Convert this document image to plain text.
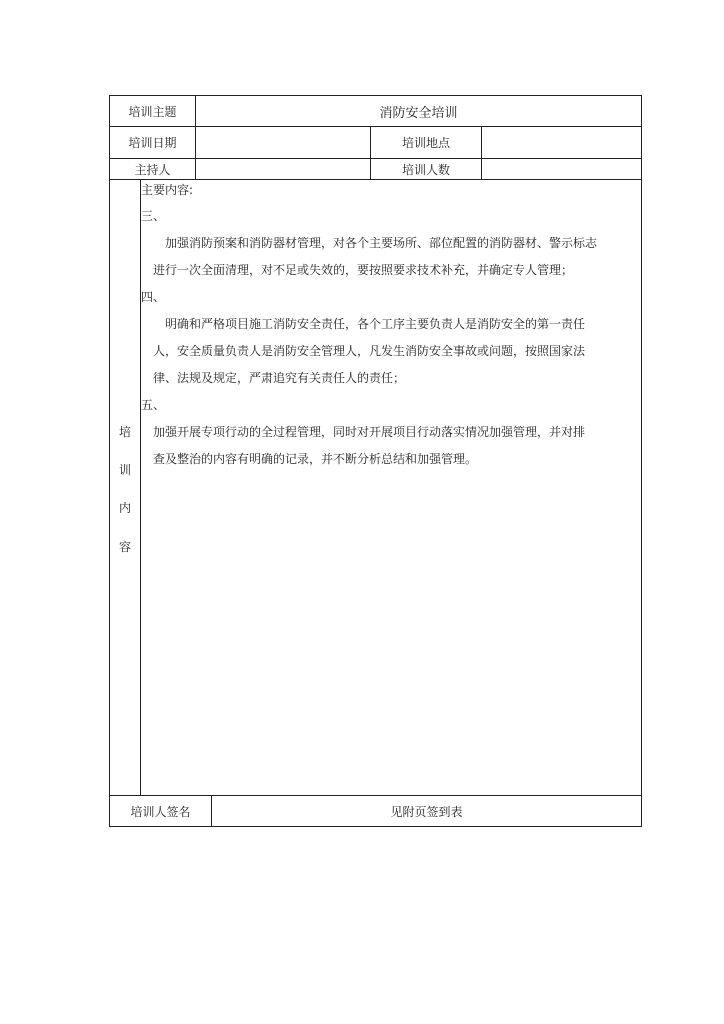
培训主题	消防安全培训
培训日期	培训地点
主持人	培训人数
培
训
内
容
主要内容:
三、
　　加强消防预案和消防器材管理，对各个主要场所、部位配置的消防器材、警示标志
　进行一次全面清理，对不足或失效的，要按照要求技术补充，并确定专人管理；
四、
　　明确和严格项目施工消防安全责任，各个工序主要负责人是消防安全的第一责任
　人，安全质量负责人是消防安全管理人，凡发生消防安全事故或问题，按照国家法
　律、法规及规定，严肃追究有关责任人的责任；
五、
　加强开展专项行动的全过程管理，同时对开展项目行动落实情况加强管理，并对排
　查及整治的内容有明确的记录，并不断分析总结和加强管理。
培训人签名	见附页签到表
